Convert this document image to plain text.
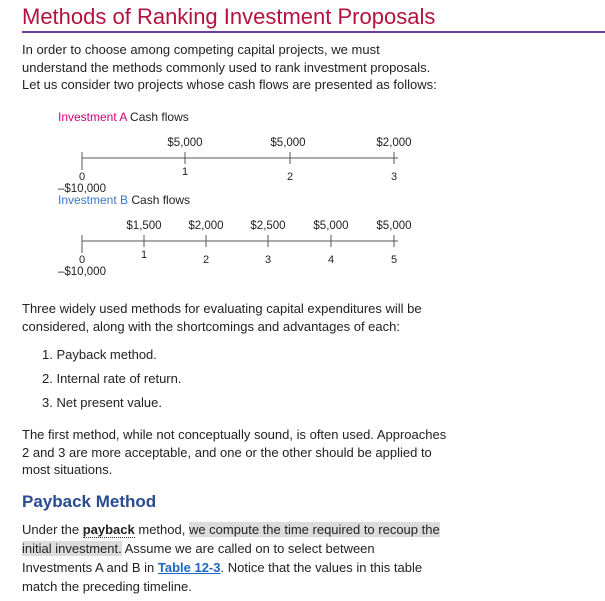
Methods of Ranking Investment Proposals

In order to choose among competing capital projects, we must understand the methods commonly used to rank investment proposals. Let us consider two projects whose cash flows are presented as follows:

Investment A Cash flows
$5,000	$5,000	$2,000
0	1	2	3
–$10,000
Investment B Cash flows
$1,500 $2,000 $2,500 $5,000 $5,000
0	1	2	3	4	5
–$10,000

Three widely used methods for evaluating capital expenditures will be considered, along with the shortcomings and advantages of each:

1. Payback method.
2. Internal rate of return.
3. Net present value.

The first method, while not conceptually sound, is often used. Approaches 2 and 3 are more acceptable, and one or the other should be applied to most situations.

Payback Method

Under the payback method, we compute the time required to recoup the initial investment. Assume we are called on to select between Investments A and B in Table 12-3. Notice that the values in this table match the preceding timeline.
